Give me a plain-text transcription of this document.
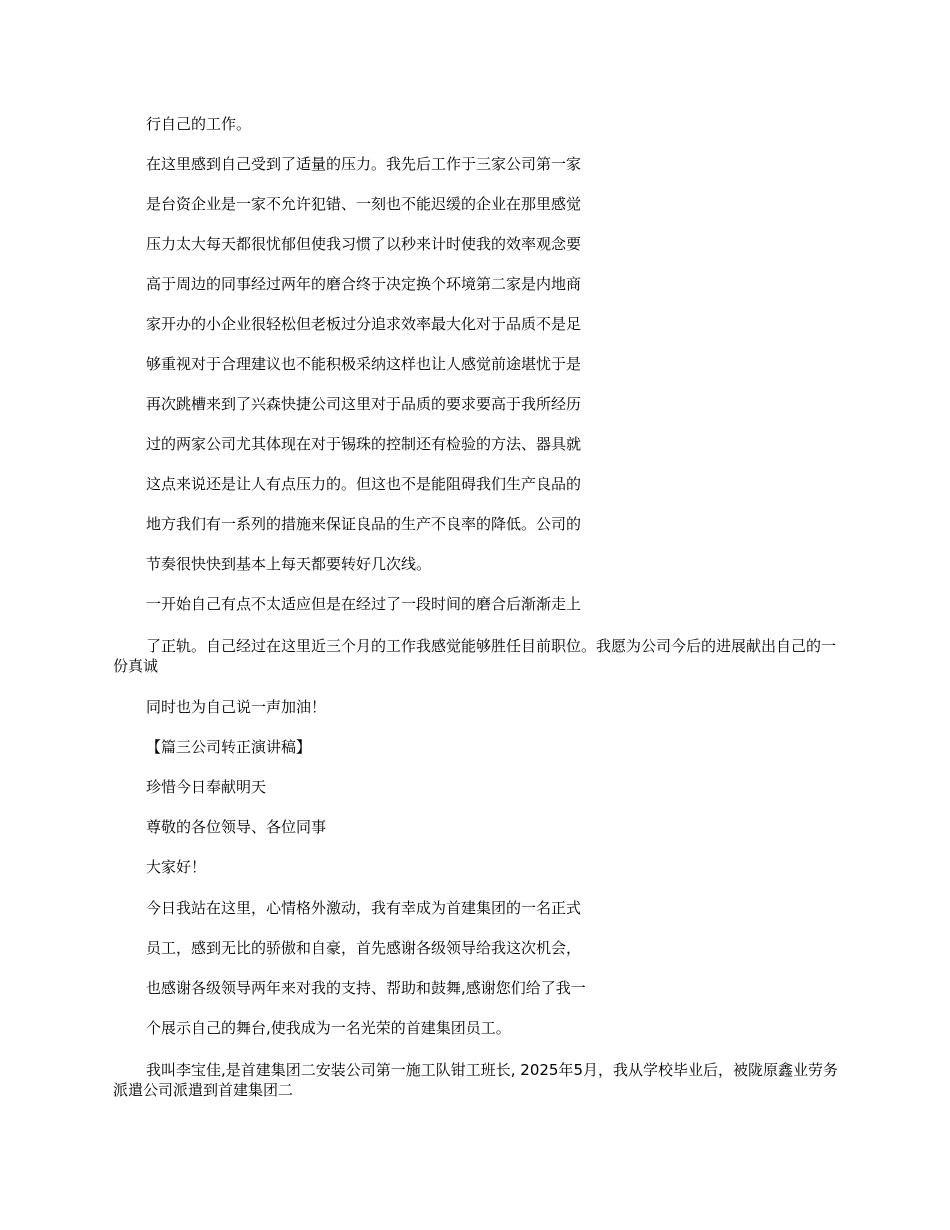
行自己的工作。

在这里感到自己受到了适量的压力。我先后工作于三家公司第一家

是台资企业是一家不允许犯错、一刻也不能迟缓的企业在那里感觉

压力太大每天都很忧郁但使我习惯了以秒来计时使我的效率观念要

高于周边的同事经过两年的磨合终于决定换个环境第二家是内地商

家开办的小企业很轻松但老板过分追求效率最大化对于品质不是足

够重视对于合理建议也不能积极采纳这样也让人感觉前途堪忧于是

再次跳槽来到了兴森快捷公司这里对于品质的要求要高于我所经历

过的两家公司尤其体现在对于锡珠的控制还有检验的方法、器具就

这点来说还是让人有点压力的。但这也不是能阻碍我们生产良品的

地方我们有一系列的措施来保证良品的生产不良率的降低。公司的

节奏很快快到基本上每天都要转好几次线。

一开始自己有点不太适应但是在经过了一段时间的磨合后渐渐走上

了正轨。自己经过在这里近三个月的工作我感觉能够胜任目前职位。我愿为公司今后的进展献出自己的一份真诚

同时也为自己说一声加油！

【篇三公司转正演讲稿】

珍惜今日奉献明天

尊敬的各位领导、各位同事

大家好！

今日我站在这里，心情格外激动，我有幸成为首建集团的一名正式

员工，感到无比的骄傲和自豪，首先感谢各级领导给我这次机会，

也感谢各级领导两年来对我的支持、帮助和鼓舞,感谢您们给了我一

个展示自己的舞台,使我成为一名光荣的首建集团员工。

我叫李宝佳,是首建集团二安装公司第一施工队钳工班长, 2025年5月，我从学校毕业后，被陇原鑫业劳务派遣公司派遣到首建集团二
